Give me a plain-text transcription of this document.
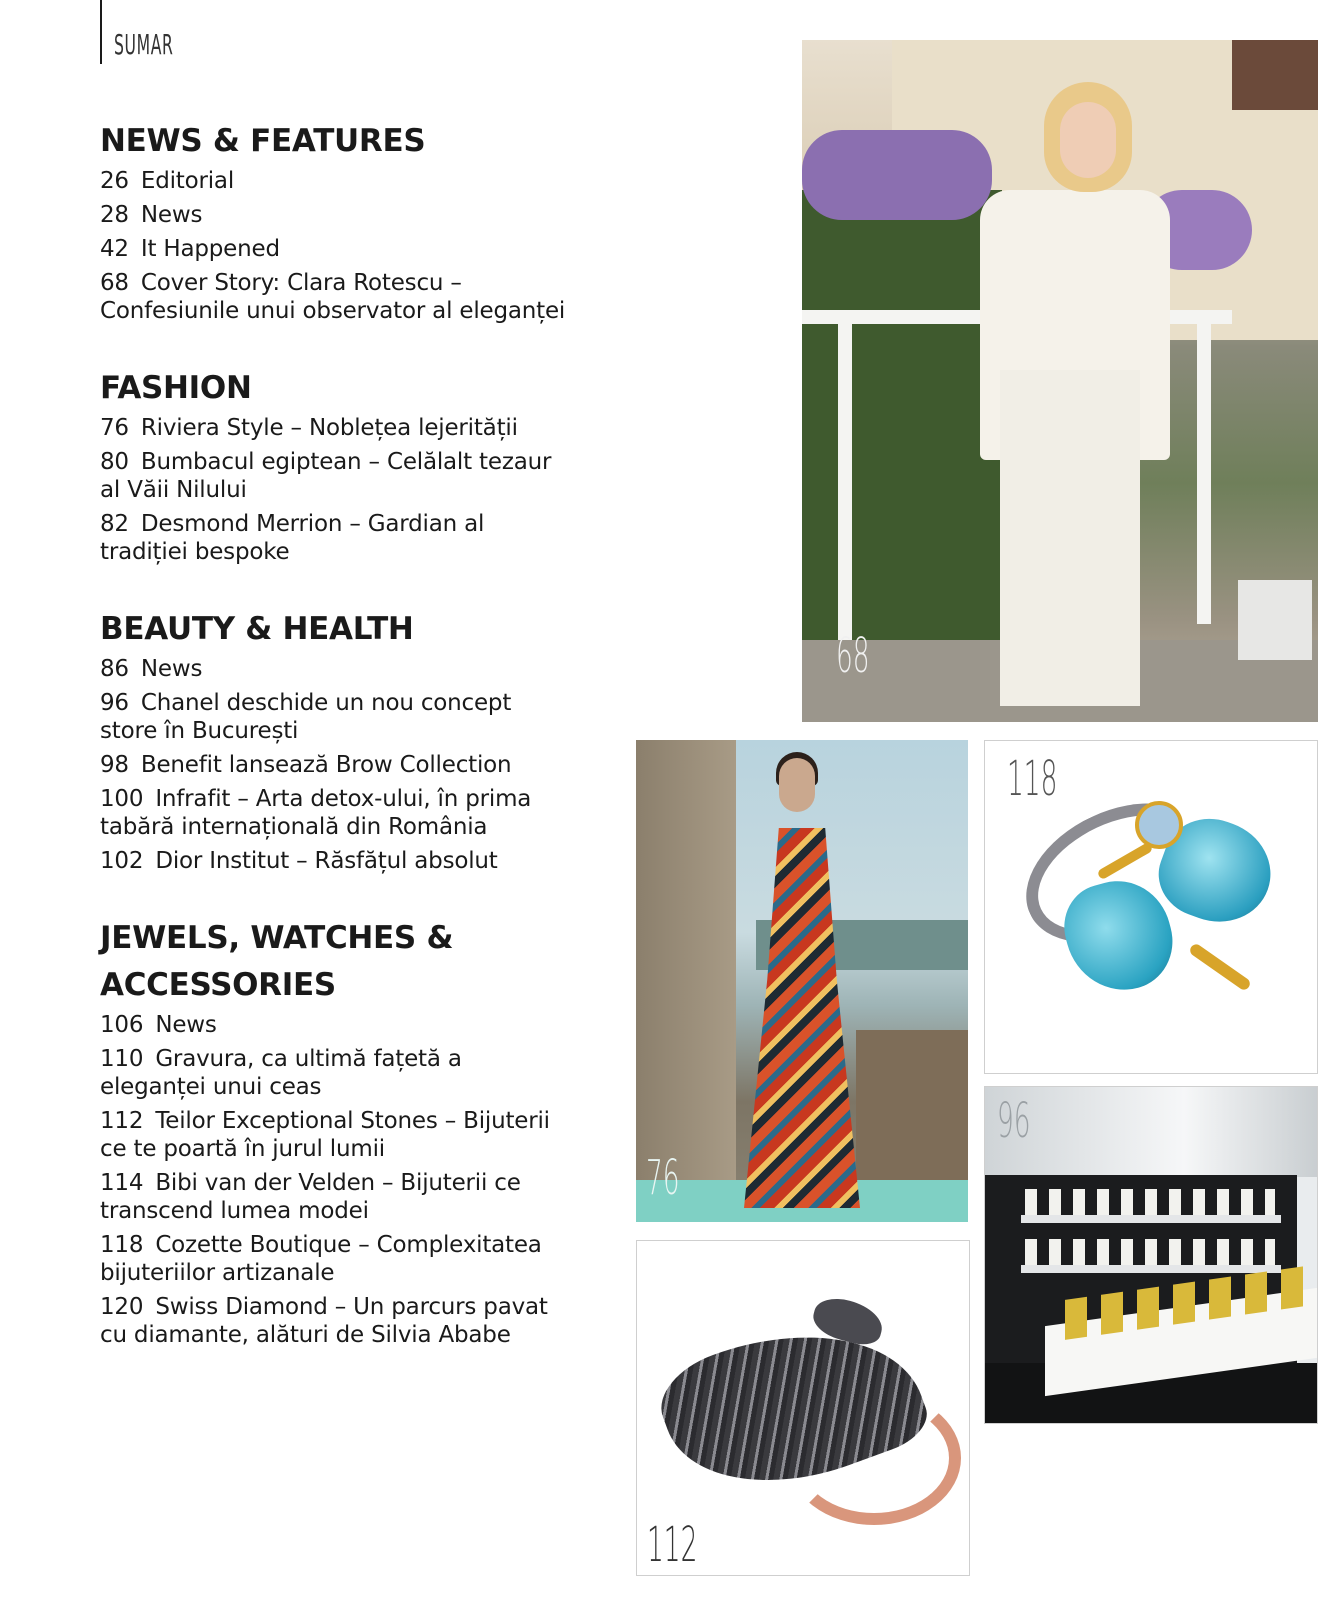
SUMAR
NEWS & FEATURES
26 Editorial
28 News
42 It Happened
68 Cover Story: Clara Rotescu – Confesiunile unui observator al eleganței
FASHION
76 Riviera Style – Noblețea lejerității
80 Bumbacul egiptean – Celălalt tezaur al Văii Nilului
82 Desmond Merrion – Gardian al tradiției bespoke
BEAUTY & HEALTH
86 News
96 Chanel deschide un nou concept store în București
98 Benefit lansează Brow Collection
100 Infrafit – Arta detox-ului, în prima tabără internațională din România
102 Dior Institut – Răsfățul absolut
JEWELS, WATCHES & ACCESSORIES
106 News
110 Gravura, ca ultimă fațetă a eleganței unui ceas
112 Teilor Exceptional Stones – Bijuterii ce te poartă în jurul lumii
114 Bibi van der Velden – Bijuterii ce transcend lumea modei
118 Cozette Boutique – Complexitatea bijuteriilor artizanale
120 Swiss Diamond – Un parcurs pavat cu diamante, alături de Silvia Ababe
68
76
118
96
112
